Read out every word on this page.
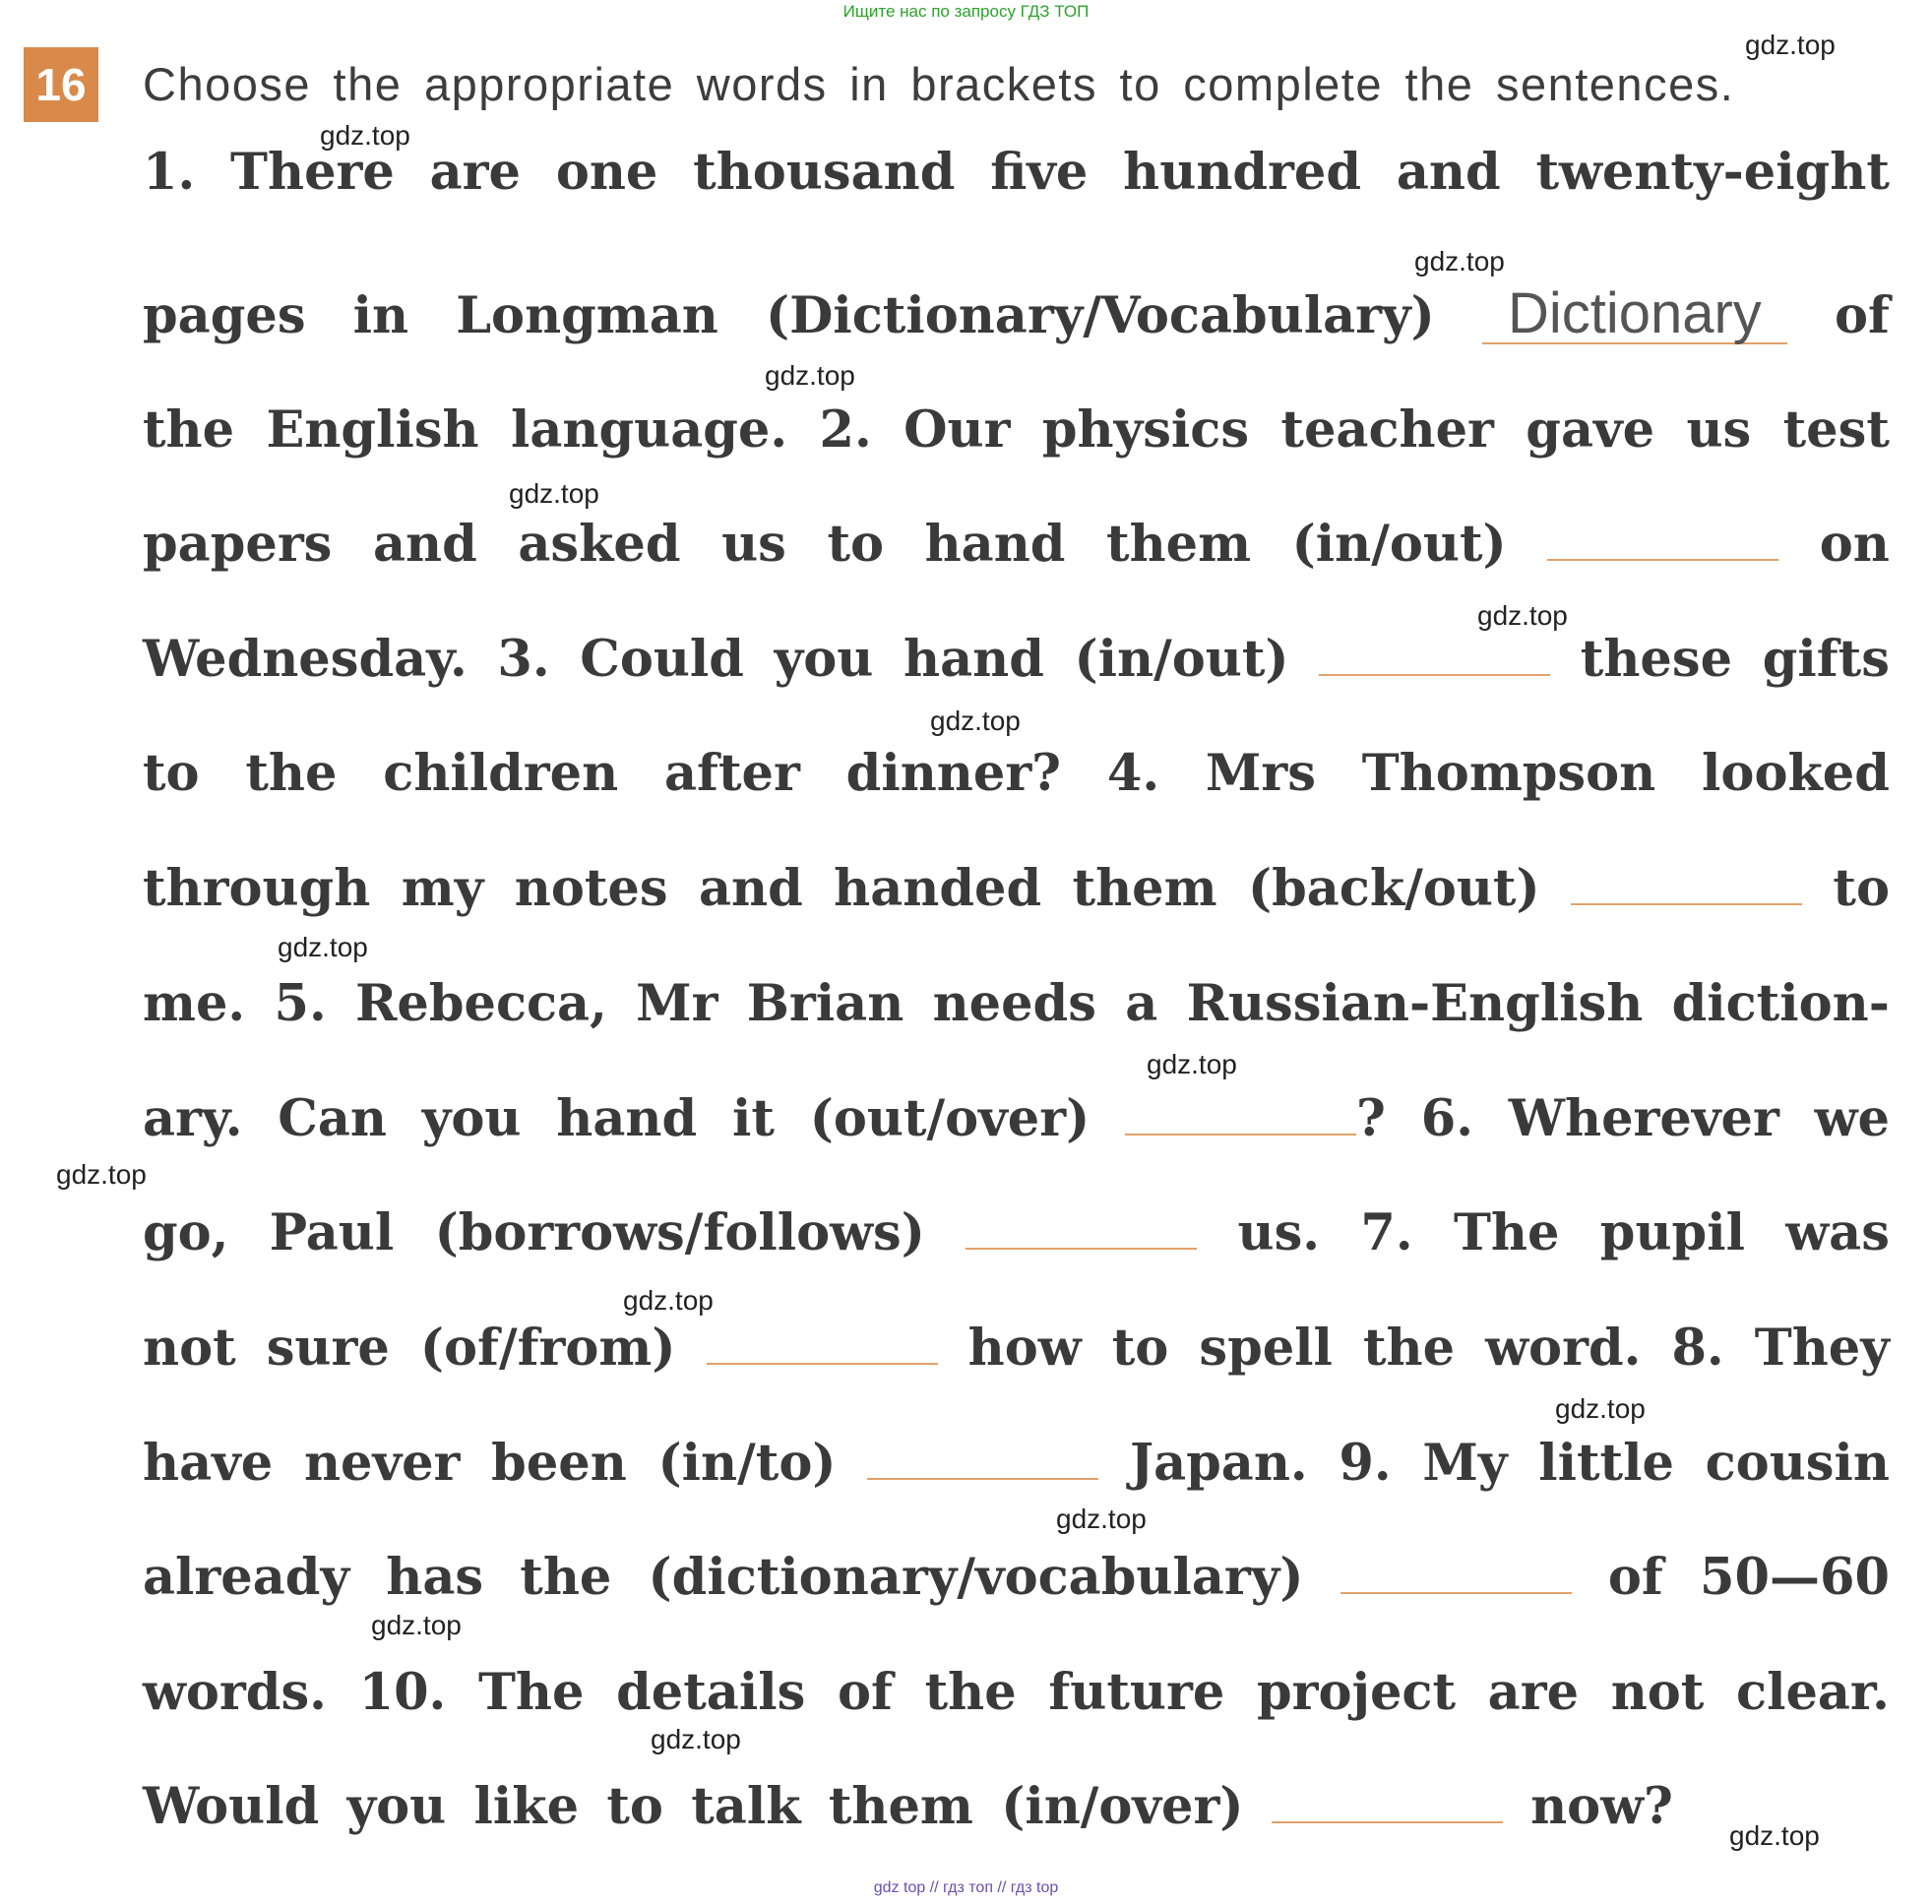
Ищите нас по запросу ГДЗ ТОП
16 Choose the appropriate words in brackets to complete the sentences.
1. There are one thousand five hundred and twenty-eight
pages in Longman (Dictionary/Vocabulary)	Dictionary	of
the English language. 2. Our physics teacher gave us test
papers and asked us to hand them (in/out)	on
Wednesday. 3. Could you hand (in/out)	these gifts
to the children after dinner? 4. Mrs Thompson looked
through my notes and handed them (back/out)	to
me. 5. Rebecca, Mr Brian needs a Russian-English diction-
ary. Can you hand it (out/over)	? 6. Wherever we
go, Paul (borrows/follows)	us. 7. The pupil was
not sure (of/from)	how to spell the word. 8. They
have never been (in/to)	Japan. 9. My little cousin
already has the (dictionary/vocabulary)	of 50—60
words. 10. The details of the future project are not clear.
Would you like to talk them (in/over)	now?
gdz.top
gdz.top
gdz.top
gdz.top
gdz.top
gdz.top
gdz.top
gdz.top
gdz.top
gdz.top
gdz.top
gdz.top
gdz.top
gdz.top
gdz.top
gdz.top
gdz top // гдз топ // гдз top
